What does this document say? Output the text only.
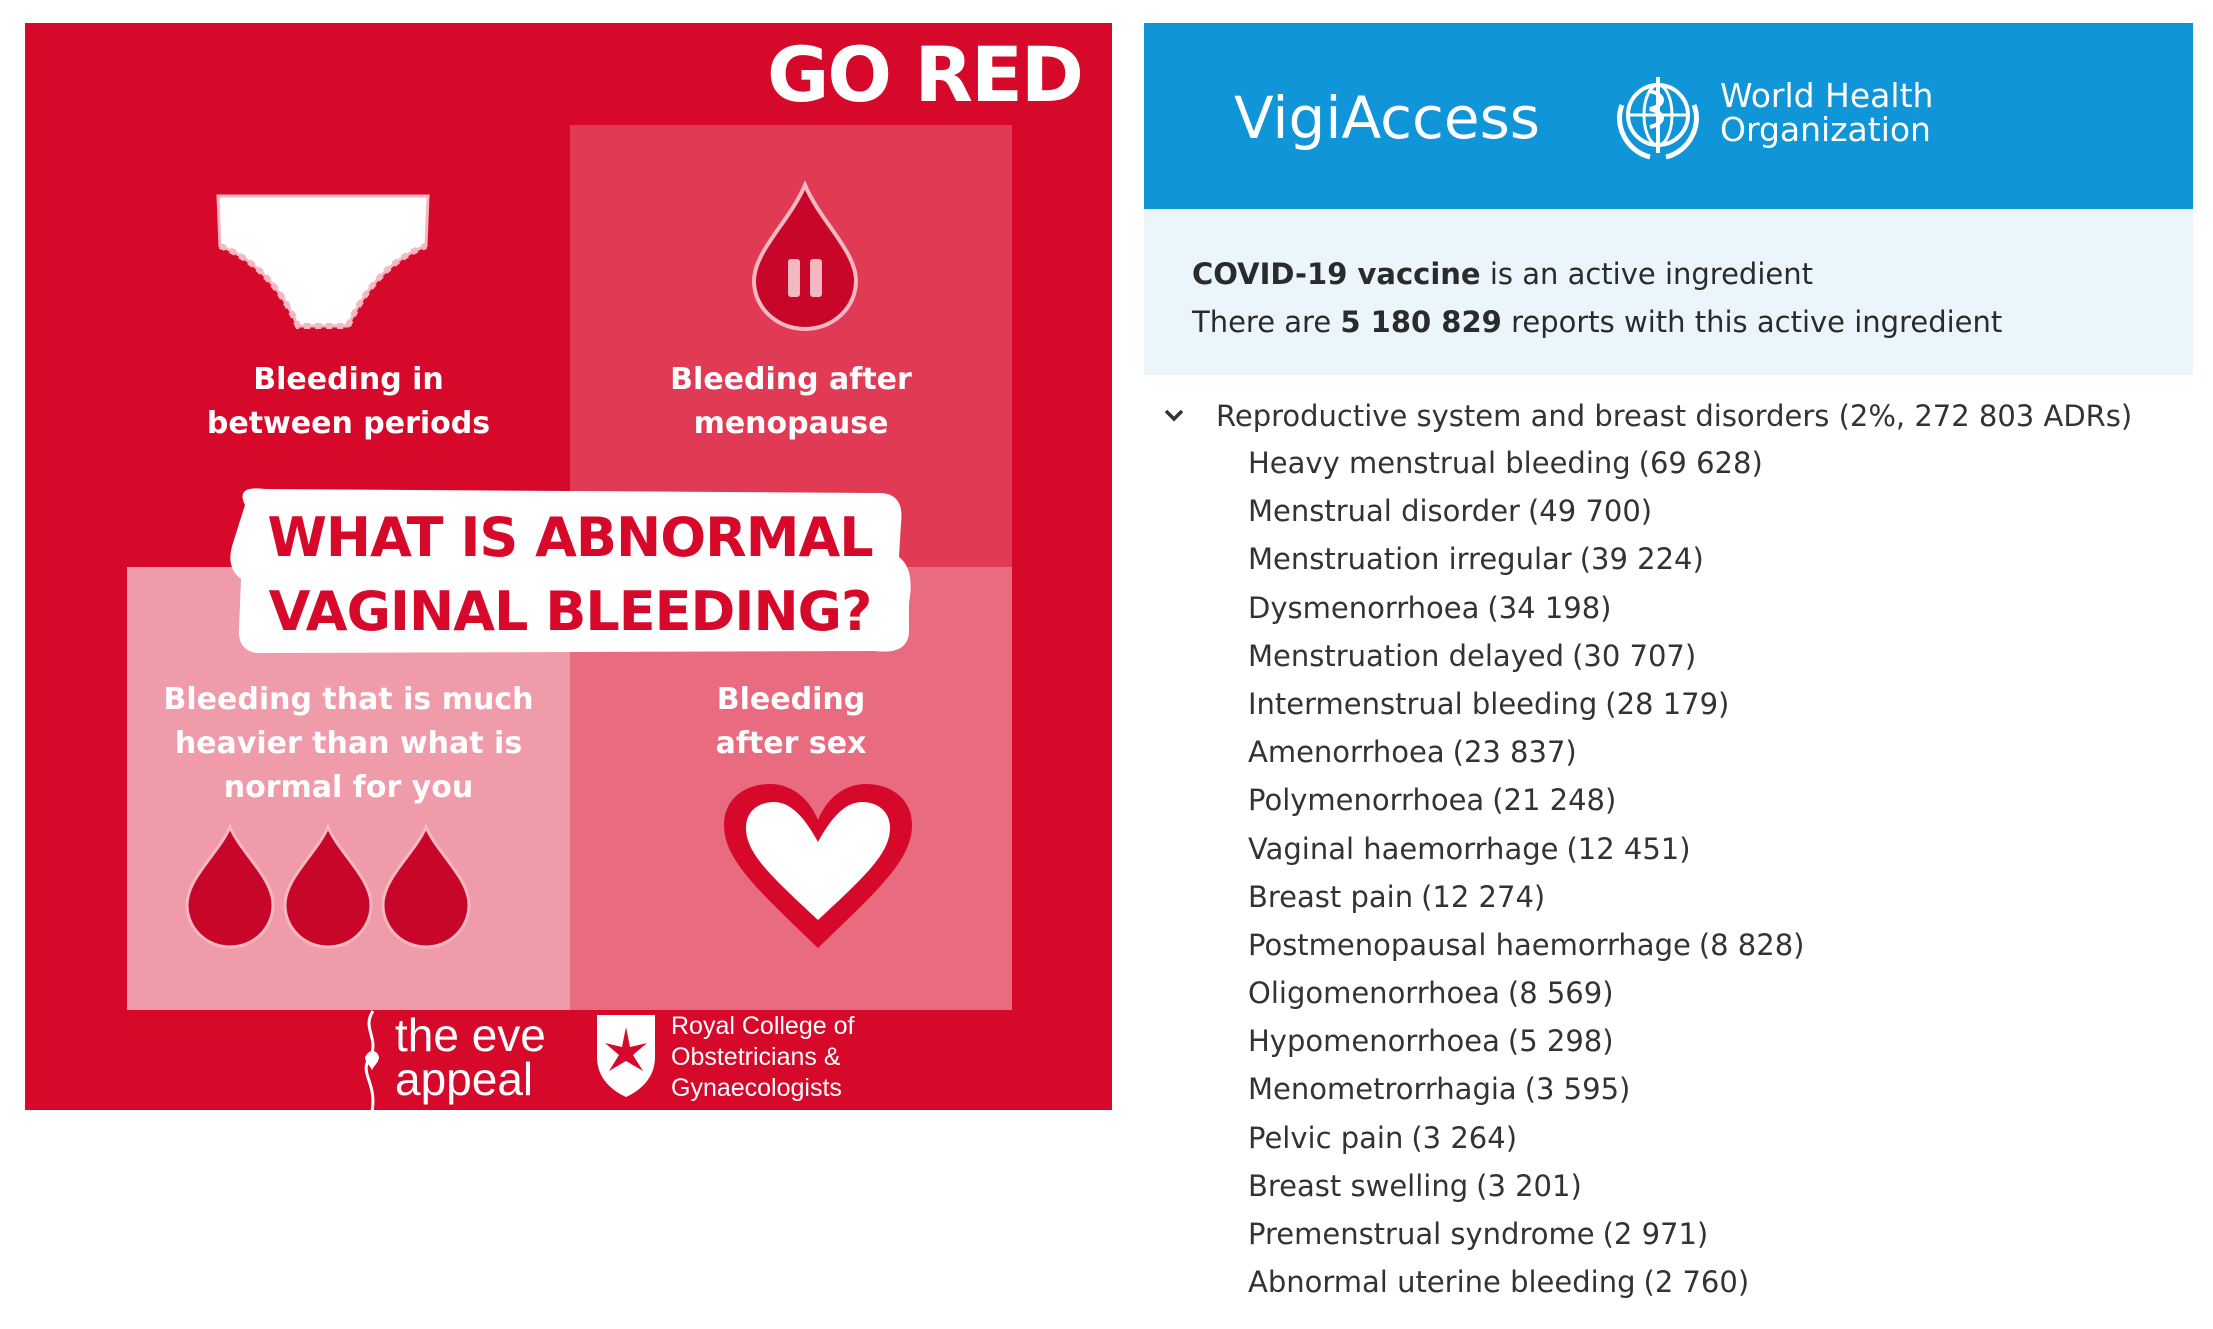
GO RED
Bleeding in
between periods
Bleeding after
menopause
Bleeding that is much
heavier than what is
normal for you
Bleeding
after sex
WHAT IS ABNORMAL
VAGINAL BLEEDING?
the eve
appeal
Royal College of
Obstetricians &
Gynaecologists
VigiAccess	World Health
Organization
COVID-19 vaccine is an active ingredient
There are 5 180 829 reports with this active ingredient
Reproductive system and breast disorders (2%, 272 803 ADRs)
Heavy menstrual bleeding (69 628)
Menstrual disorder (49 700)
Menstruation irregular (39 224)
Dysmenorrhoea (34 198)
Menstruation delayed (30 707)
Intermenstrual bleeding (28 179)
Amenorrhoea (23 837)
Polymenorrhoea (21 248)
Vaginal haemorrhage (12 451)
Breast pain (12 274)
Postmenopausal haemorrhage (8 828)
Oligomenorrhoea (8 569)
Hypomenorrhoea (5 298)
Menometrorrhagia (3 595)
Pelvic pain (3 264)
Breast swelling (3 201)
Premenstrual syndrome (2 971)
Abnormal uterine bleeding (2 760)
